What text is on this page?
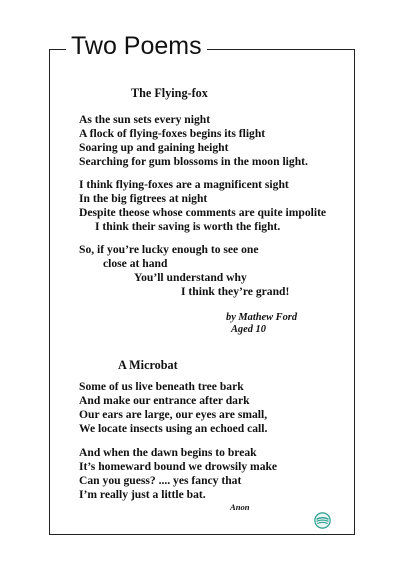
Two Poems
The Flying-fox
As the sun sets every night
A flock of flying-foxes begins its flight
Soaring up and gaining height
Searching for gum blossoms in the moon light.
I think flying-foxes are a magnificent sight
In the big figtrees at night
Despite theose whose comments are quite impolite
I think their saving is worth the fight.
So, if you’re lucky enough to see one
close at hand
You’ll understand why
I think they’re grand!
by Mathew Ford
Aged 10
A Microbat
Some of us live beneath tree bark
And make our entrance after dark
Our ears are large, our eyes are small,
We locate insects using an echoed call.
And when the dawn begins to break
It’s homeward bound we drowsily make
Can you guess? .... yes fancy that
I’m really just a little bat.
Anon
